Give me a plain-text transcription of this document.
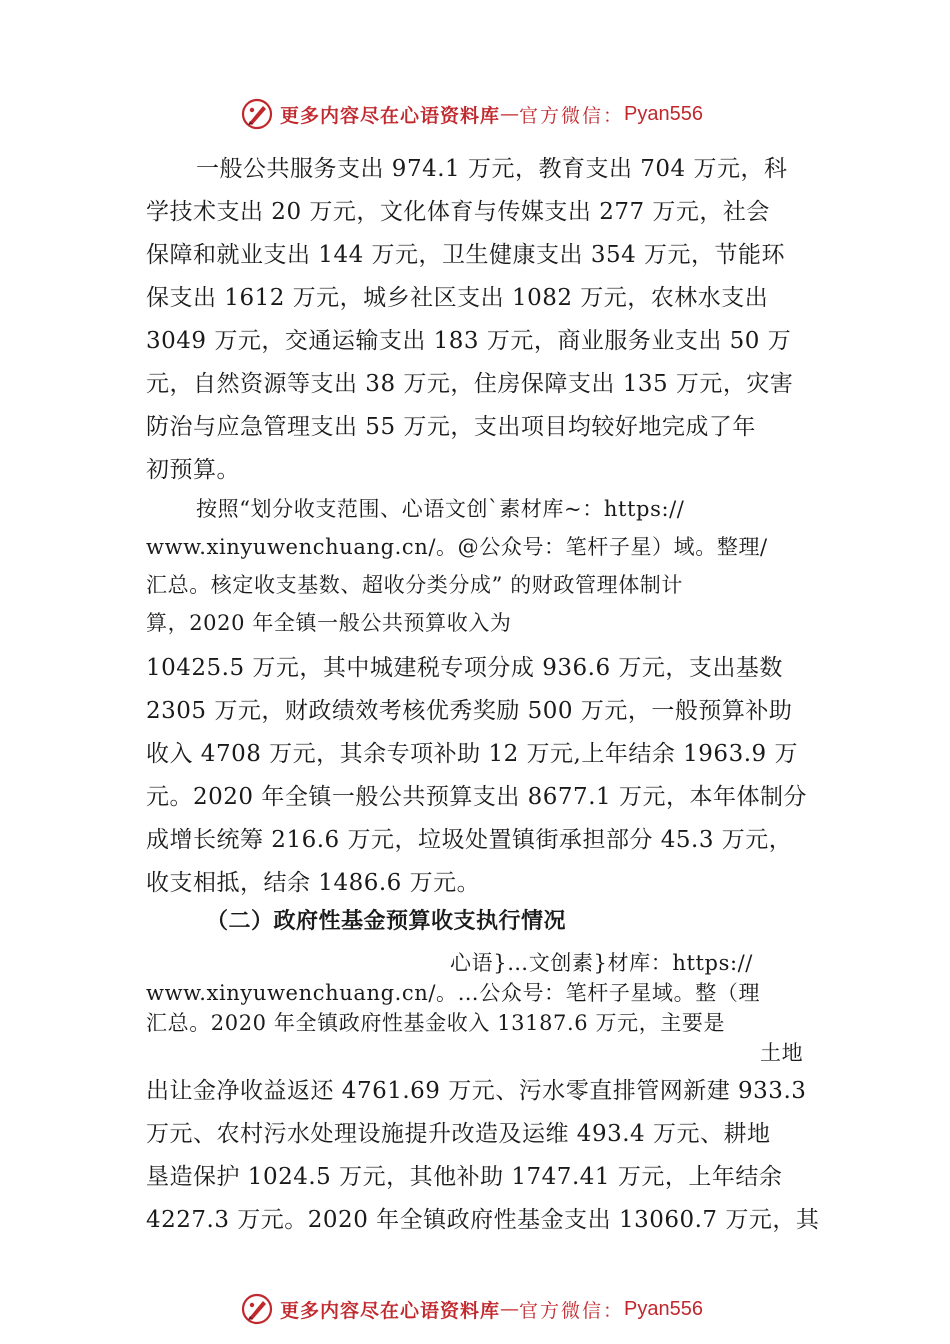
更多内容尽在心语资料库 — 官方微信： Pyan556
一般公共服务支出 974.1 万元，教育支出 704 万元，科
学技术支出 20 万元，文化体育与传媒支出 277 万元，社会
保障和就业支出 144 万元，卫生健康支出 354 万元，节能环
保支出 1612 万元，城乡社区支出 1082 万元，农林水支出
3049 万元，交通运输支出 183 万元，商业服务业支出 50 万
元，自然资源等支出 38 万元，住房保障支出 135 万元，灾害
防治与应急管理支出 55 万元，支出项目均较好地完成了年
初预算。
按照“划分收支范围、心语文创`素材库~：https://
www.xinyuwenchuang.cn/。@公众号：笔杆子星）域。整理/
汇总。核定收支基数、超收分类分成” 的财政管理体制计
算，2020 年全镇一般公共预算收入为
10425.5 万元，其中城建税专项分成 936.6 万元，支出基数
2305 万元，财政绩效考核优秀奖励 500 万元，一般预算补助
收入 4708 万元，其余专项补助 12 万元,上年结余 1963.9 万
元。2020 年全镇一般公共预算支出 8677.1 万元，本年体制分
成增长统筹 216.6 万元，垃圾处置镇街承担部分 45.3 万元，
收支相抵，结余 1486.6 万元。
（二）政府性基金预算收支执行情况
心语}…文创素}材库：https://
www.xinyuwenchuang.cn/。…公众号：笔杆子星域。整（理
汇总。2020 年全镇政府性基金收入 13187.6 万元，主要是
土地
出让金净收益返还 4761.69 万元、污水零直排管网新建 933.3
万元、农村污水处理设施提升改造及运维 493.4 万元、耕地
垦造保护 1024.5 万元，其他补助 1747.41 万元，上年结余
4227.3 万元。2020 年全镇政府性基金支出 13060.7 万元，其
更多内容尽在心语资料库 — 官方微信： Pyan556
